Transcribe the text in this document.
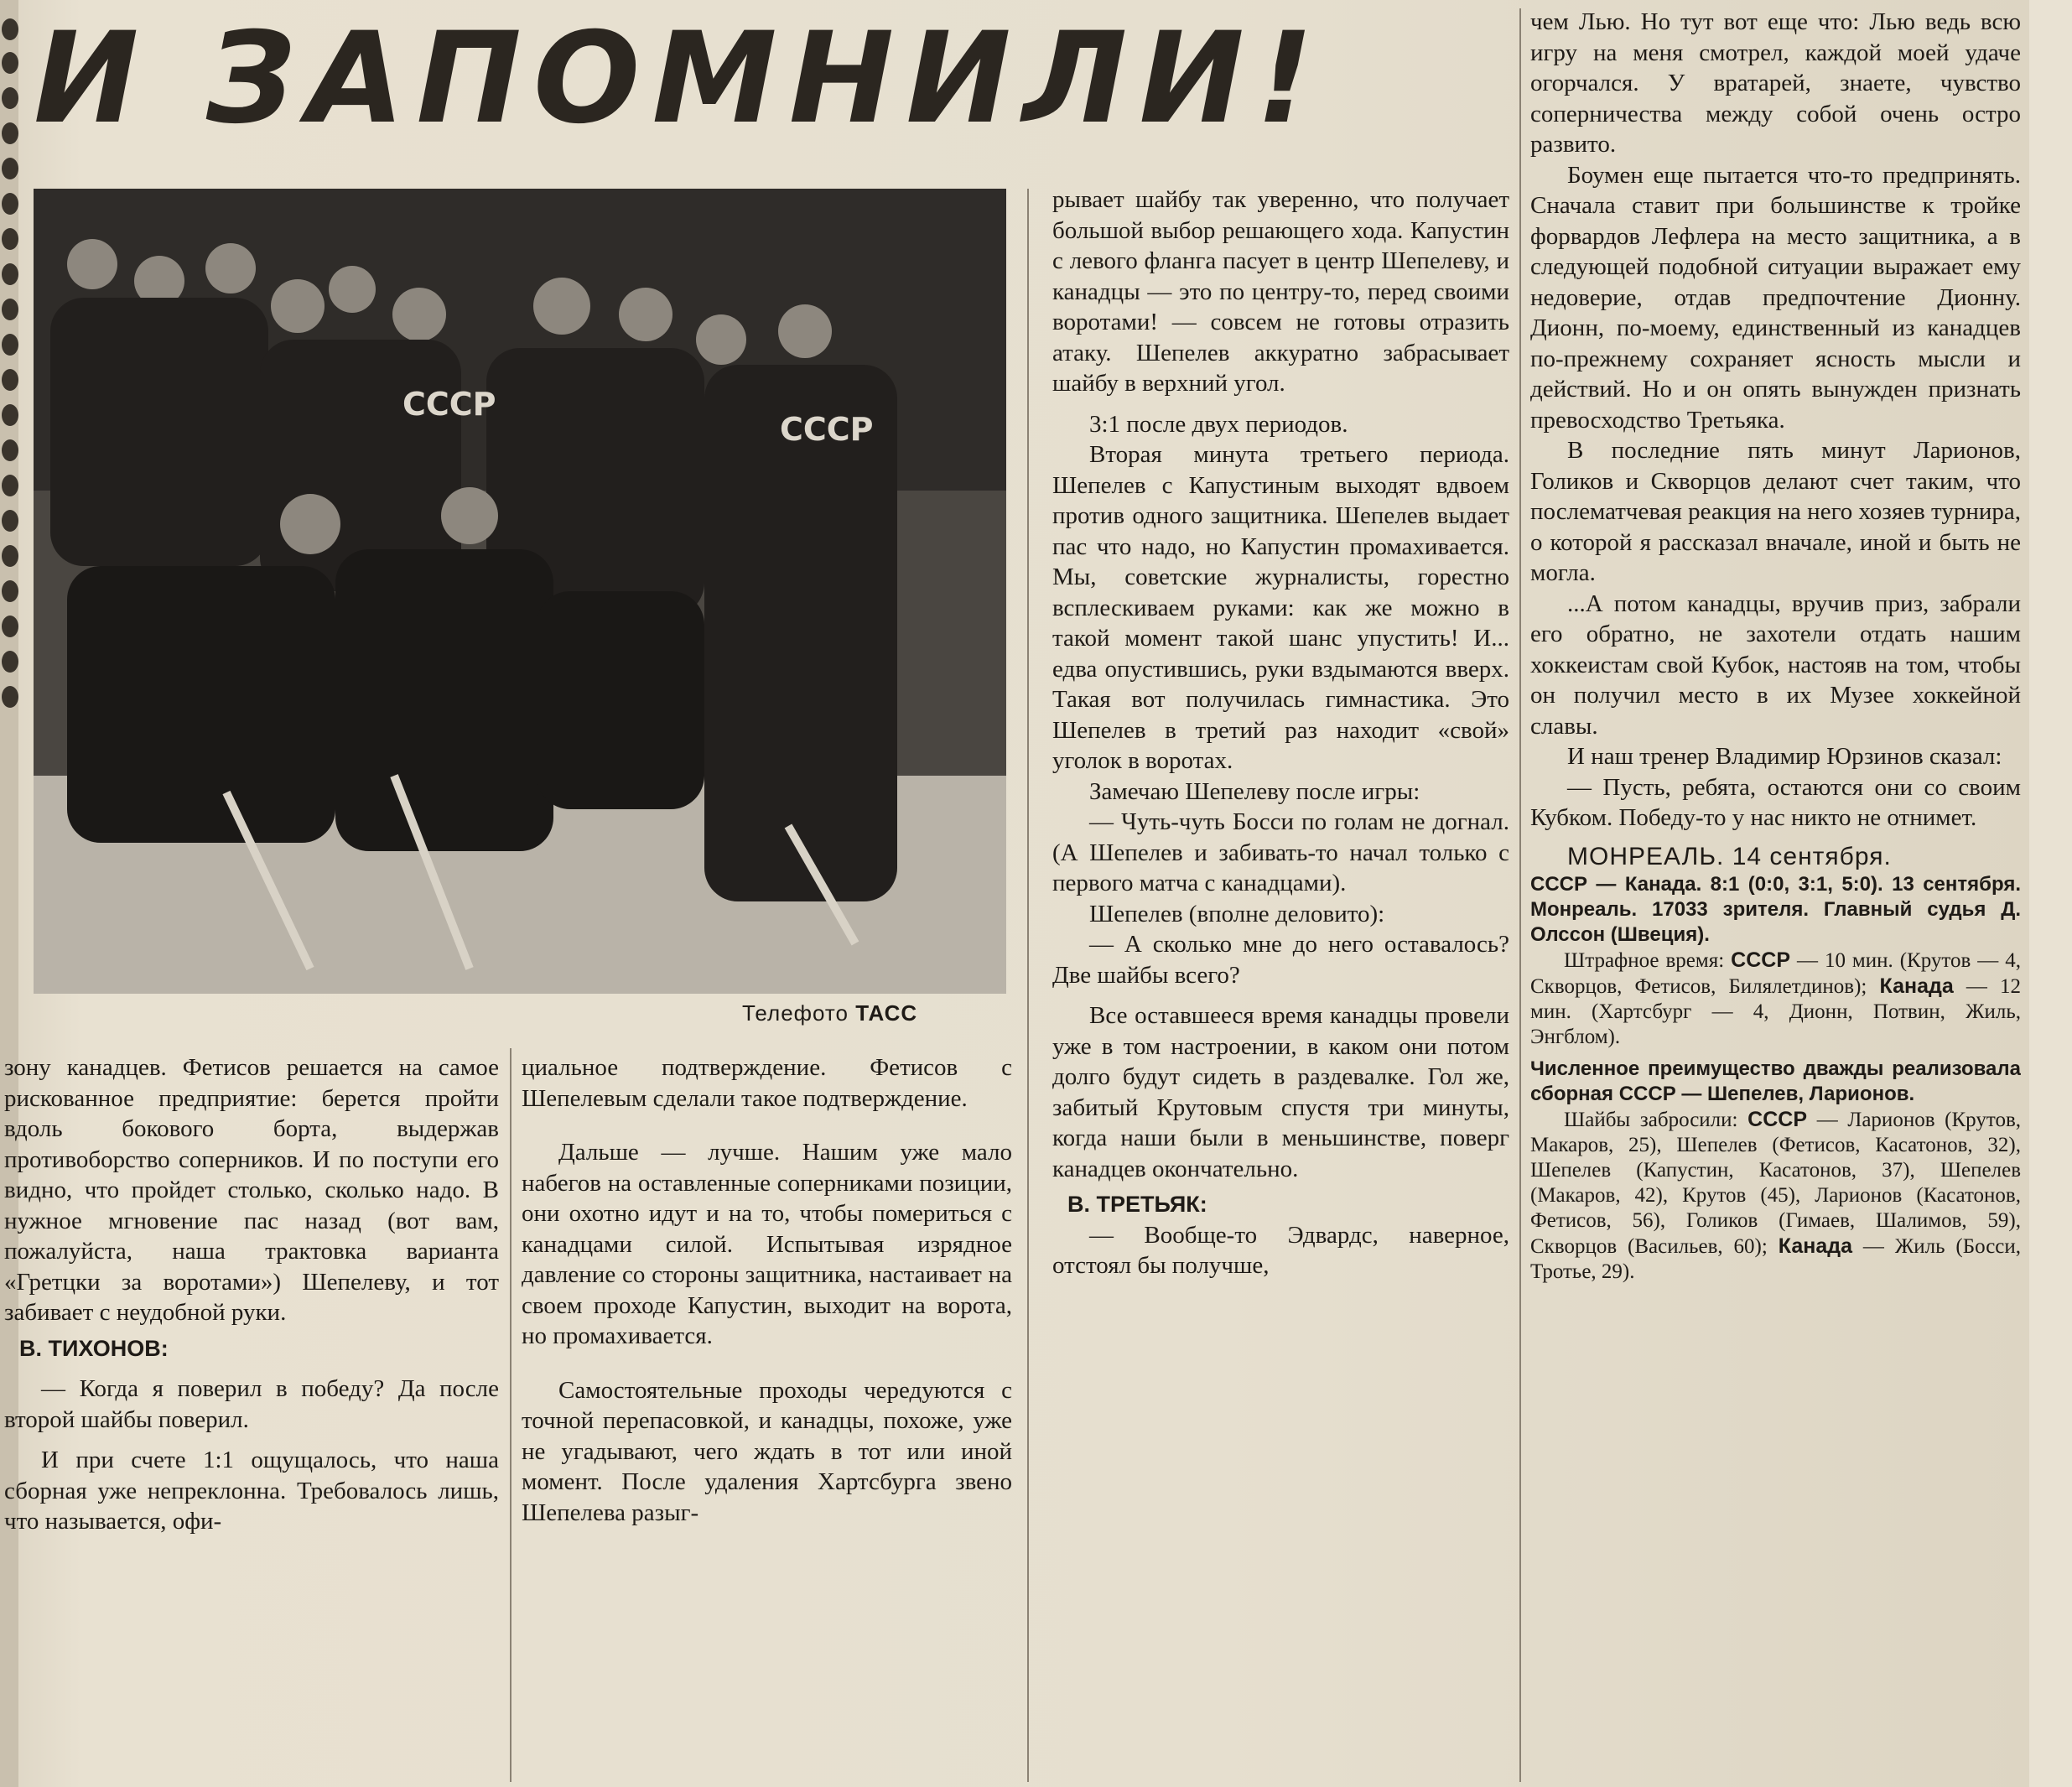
И ЗАПОМНИЛИ!
СССР
СССР
Телефото ТАСС

зону канадцев. Фетисов решается на самое рискованное предприятие: берется пройти вдоль бокового борта, выдержав противоборство соперников. И по поступи его видно, что пройдет столько, сколько надо. В нужное мгновение пас назад (вот вам, пожалуйста, наша трактовка варианта «Гретцки за воротами») Шепелеву, и тот забивает с неудобной руки.

В. ТИХОНОВ:

— Когда я поверил в победу? Да после второй шайбы поверил.

И при счете 1:1 ощущалось, что наша сборная уже непреклонна. Требовалось лишь, что называется, офи-

циальное подтверждение. Фетисов с Шепелевым сделали такое подтверждение.

Дальше — лучше. Нашим уже мало набегов на оставленные соперниками позиции, они охотно идут и на то, чтобы помериться с канадцами силой. Испытывая изрядное давление со стороны защитника, настаивает на своем проходе Капустин, выходит на ворота, но промахивается.

Самостоятельные проходы чередуются с точной перепасовкой, и канадцы, похоже, уже не угадывают, чего ждать в тот или иной момент. После удаления Хартсбурга звено Шепелева разыг-

рывает шайбу так уверенно, что получает большой выбор решающего хода. Капустин с левого фланга пасует в центр Шепелеву, и канадцы — это по центру-то, перед своими воротами! — совсем не готовы отразить атаку. Шепелев аккуратно забрасывает шайбу в верхний угол.

3:1 после двух периодов.

Вторая минута третьего периода. Шепелев с Капустиным выходят вдвоем против одного защитника. Шепелев выдает пас что надо, но Капустин промахивается. Мы, советские журналисты, горестно всплескиваем руками: как же можно в такой момент такой шанс упустить! И... едва опустившись, руки вздымаются вверх. Такая вот получилась гимнастика. Это Шепелев в третий раз находит «свой» уголок в воротах.

Замечаю Шепелеву после игры:

— Чуть-чуть Босси по голам не догнал. (А Шепелев и забивать-то начал только с первого матча с канадцами).

Шепелев (вполне деловито):

— А сколько мне до него оставалось? Две шайбы всего?

Все оставшееся время канадцы провели уже в том настроении, в каком они потом долго будут сидеть в раздевалке. Гол же, забитый Крутовым спустя три минуты, когда наши были в меньшинстве, поверг канадцев окончательно.

В. ТРЕТЬЯК:

— Вообще-то Эдвардс, наверное, отстоял бы получше,

чем Лью. Но тут вот еще что: Лью ведь всю игру на меня смотрел, каждой моей удаче огорчался. У вратарей, знаете, чувство соперничества между собой очень остро развито.

Боумен еще пытается что-то предпринять. Сначала ставит при большинстве к тройке форвардов Лефлера на место защитника, а в следующей подобной ситуации выражает ему недоверие, отдав предпочтение Дионну. Дионн, по-моему, единственный из канадцев по-прежнему сохраняет ясность мысли и действий. Но и он опять вынужден признать превосходство Третьяка.

В последние пять минут Ларионов, Голиков и Скворцов делают счет таким, что послематчевая реакция на него хозяев турнира, о которой я рассказал вначале, иной и быть не могла.

...А потом канадцы, вручив приз, забрали его обратно, не захотели отдать нашим хоккеистам свой Кубок, настояв на том, чтобы он получил место в их Музее хоккейной славы.

И наш тренер Владимир Юрзинов сказал:

— Пусть, ребята, остаются они со своим Кубком. Победу-то у нас никто не отнимет.

МОНРЕАЛЬ. 14 сентября.

СССР — Канада. 8:1 (0:0, 3:1, 5:0). 13 сентября. Монреаль. 17033 зрителя. Главный судья Д. Олссон (Швеция).

Штрафное время: СССР — 10 мин. (Крутов — 4, Скворцов, Фетисов, Билялетдинов); Канада — 12 мин. (Хартсбург — 4, Дионн, Потвин, Жиль, Энгблом).

Численное преимущество дважды реализовала сборная СССР — Шепелев, Ларионов.

Шайбы забросили: СССР — Ларионов (Крутов, Макаров, 25), Шепелев (Фетисов, Касатонов, 32), Шепелев (Капустин, Касатонов, 37), Шепелев (Макаров, 42), Крутов (45), Ларионов (Касатонов, Фетисов, 56), Голиков (Гимаев, Шалимов, 59), Скворцов (Васильев, 60); Канада — Жиль (Босси, Тротье, 29).
